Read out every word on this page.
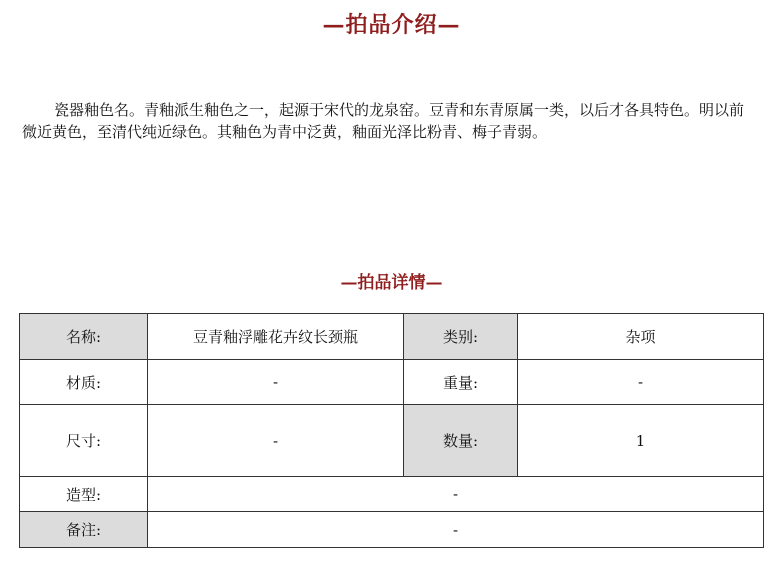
—拍品介绍—

瓷器釉色名。青釉派生釉色之一，起源于宋代的龙泉窑。豆青和东青原属一类，以后才各具特色。明以前微近黄色，至清代纯近绿色。其釉色为青中泛黄，釉面光泽比粉青、梅子青弱。

—拍品详情—
名称:	豆青釉浮雕花卉纹长颈瓶	类别:	杂项
材质:	-	重量:	-
尺寸:	-	数量:	1
造型:	-		
备注:	-		
